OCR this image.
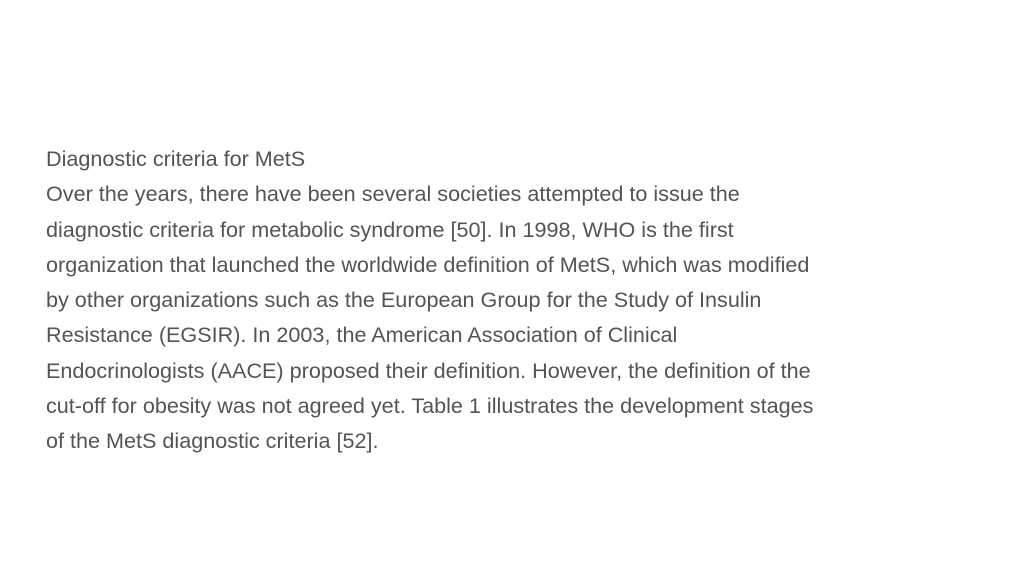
Diagnostic criteria for MetS
Over the years, there have been several societies attempted to issue the
diagnostic criteria for metabolic syndrome [50]. In 1998, WHO is the first
organization that launched the worldwide definition of MetS, which was modified
by other organizations such as the European Group for the Study of Insulin
Resistance (EGSIR). In 2003, the American Association of Clinical
Endocrinologists (AACE) proposed their definition. However, the definition of the
cut-off for obesity was not agreed yet. Table 1 illustrates the development stages
of the MetS diagnostic criteria [52].
